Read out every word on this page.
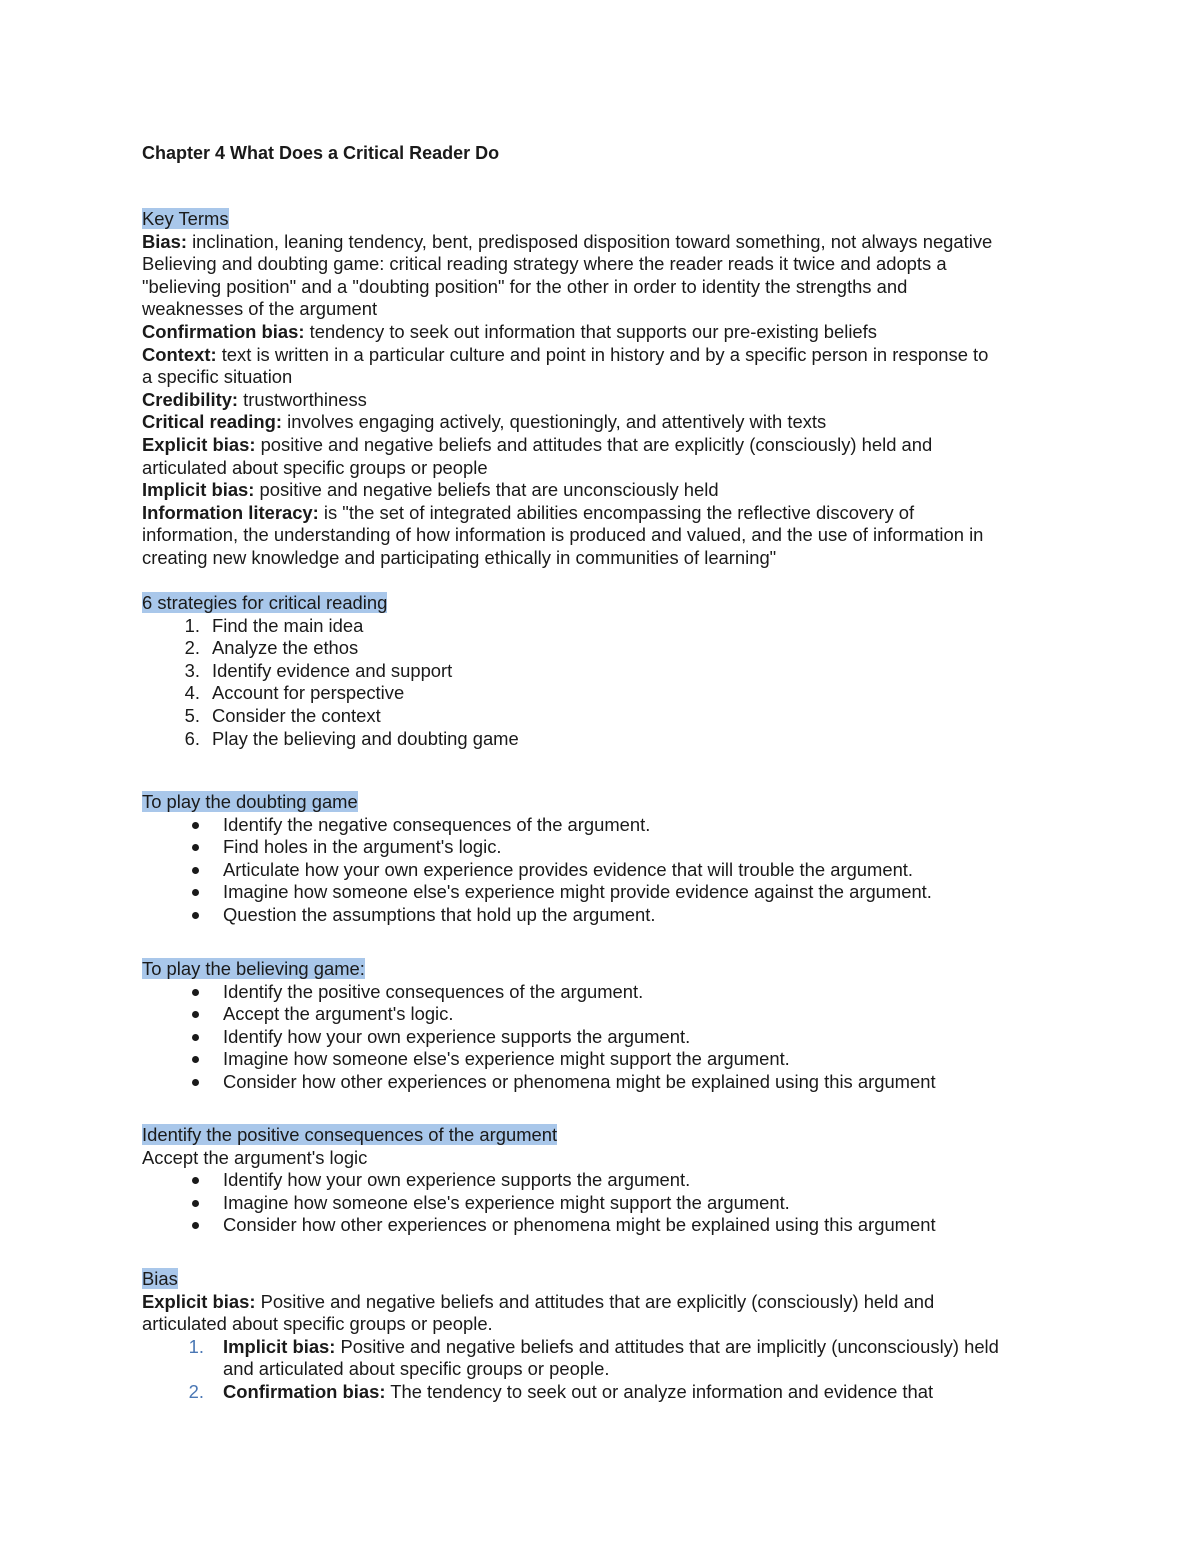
Chapter 4 What Does a Critical Reader Do
Key Terms
Bias: inclination, leaning tendency, bent, predisposed disposition toward something, not always negative
Believing and doubting game: critical reading strategy where the reader reads it twice and adopts a
"believing position" and a "doubting position" for the other in order to identity the strengths and
weaknesses of the argument
Confirmation bias: tendency to seek out information that supports our pre-existing beliefs
Context: text is written in a particular culture and point in history and by a specific person in response to
a specific situation
Credibility: trustworthiness
Critical reading: involves engaging actively, questioningly, and attentively with texts
Explicit bias: positive and negative beliefs and attitudes that are explicitly (consciously) held and
articulated about specific groups or people
Implicit bias: positive and negative beliefs that are unconsciously held
Information literacy: is "the set of integrated abilities encompassing the reflective discovery of
information, the understanding of how information is produced and valued, and the use of information in
creating new knowledge and participating ethically in communities of learning"
6 strategies for critical reading
1. Find the main idea
2. Analyze the ethos
3. Identify evidence and support
4. Account for perspective
5. Consider the context
6. Play the believing and doubting game
To play the doubting game
Identify the negative consequences of the argument.
Find holes in the argument's logic.
Articulate how your own experience provides evidence that will trouble the argument.
Imagine how someone else's experience might provide evidence against the argument.
Question the assumptions that hold up the argument.
To play the believing game:
Identify the positive consequences of the argument.
Accept the argument's logic.
Identify how your own experience supports the argument.
Imagine how someone else's experience might support the argument.
Consider how other experiences or phenomena might be explained using this argument
Identify the positive consequences of the argument
Accept the argument's logic
Identify how your own experience supports the argument.
Imagine how someone else's experience might support the argument.
Consider how other experiences or phenomena might be explained using this argument
Bias
Explicit bias: Positive and negative beliefs and attitudes that are explicitly (consciously) held and
articulated about specific groups or people.
1. Implicit bias: Positive and negative beliefs and attitudes that are implicitly (unconsciously) held
and articulated about specific groups or people.
2. Confirmation bias: The tendency to seek out or analyze information and evidence that
